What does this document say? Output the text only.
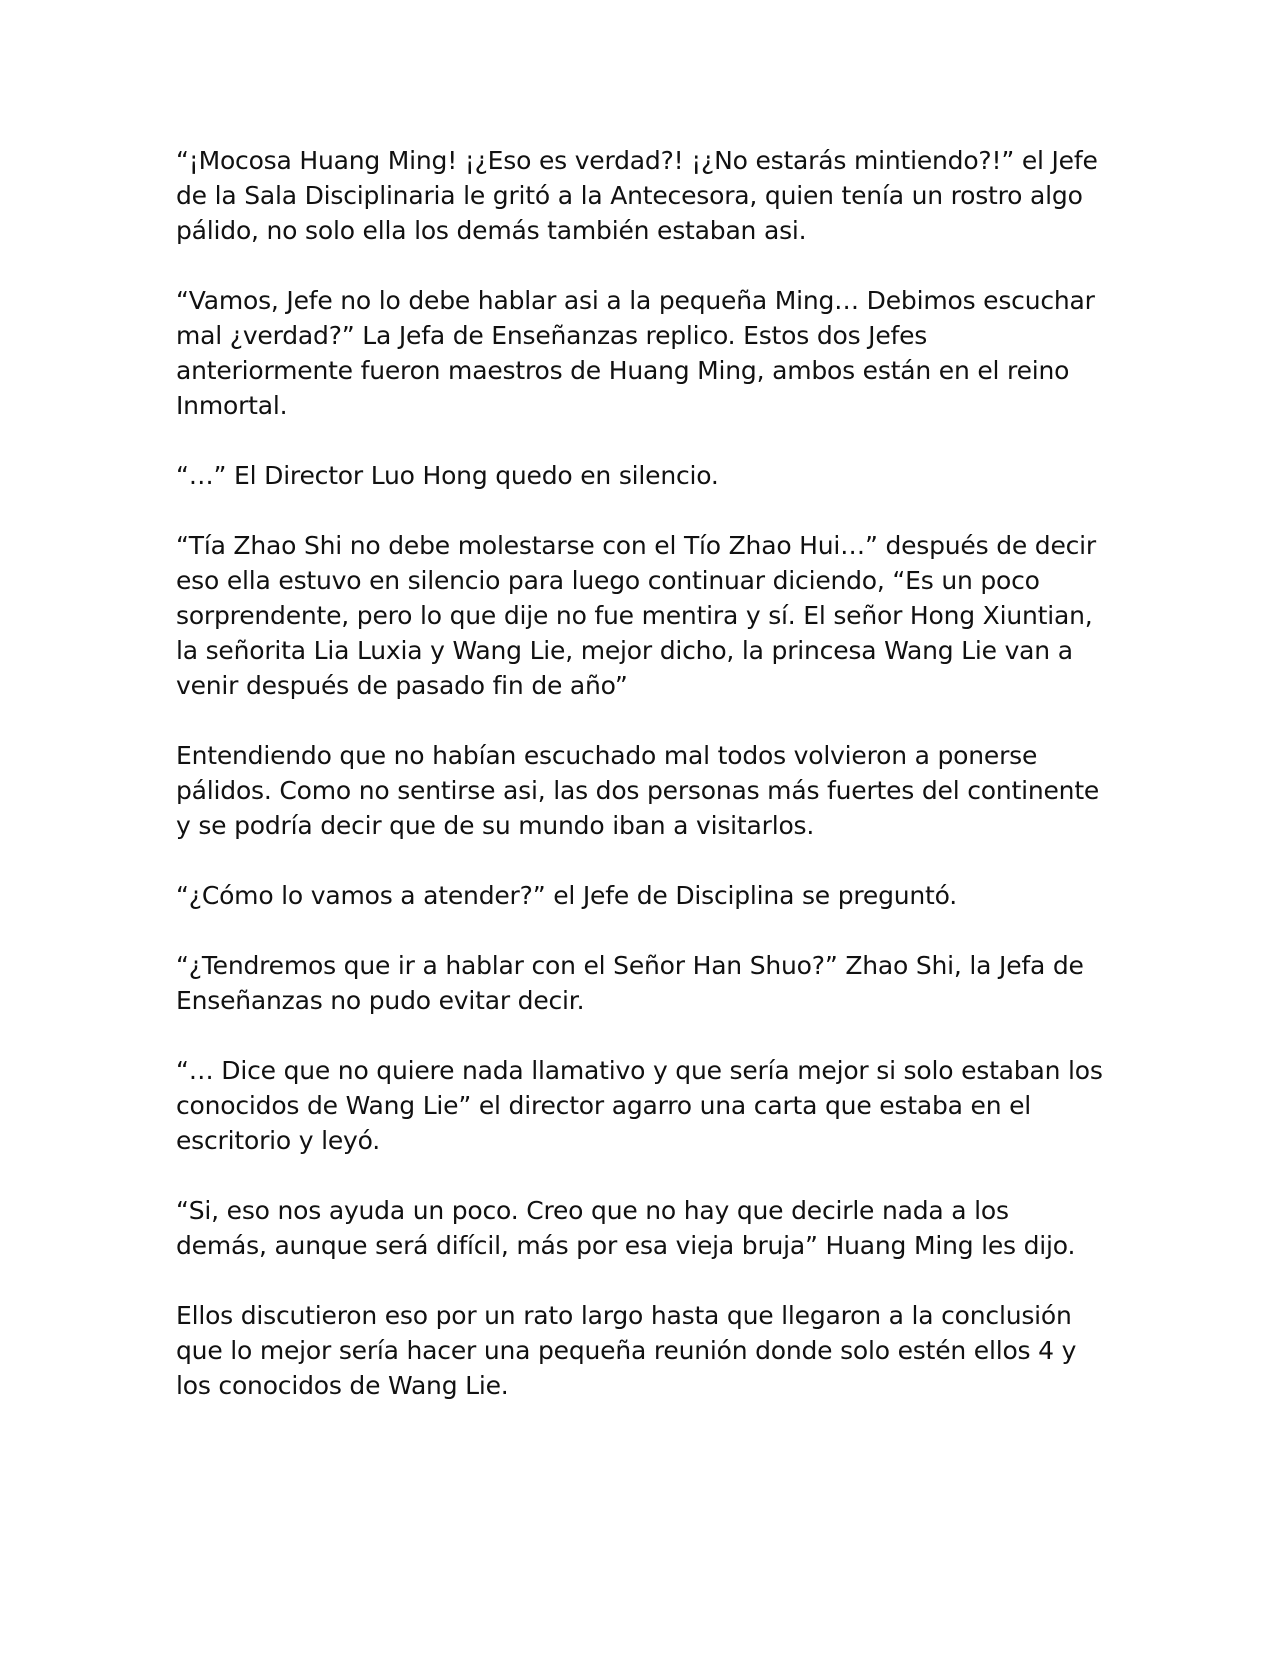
“¡Mocosa Huang Ming! ¡¿Eso es verdad?! ¡¿No estarás mintiendo?!” el Jefe de la Sala Disciplinaria le gritó a la Antecesora, quien tenía un rostro algo pálido, no solo ella los demás también estaban asi.

“Vamos, Jefe no lo debe hablar asi a la pequeña Ming… Debimos escuchar mal ¿verdad?” La Jefa de Enseñanzas replico. Estos dos Jefes anteriormente fueron maestros de Huang Ming, ambos están en el reino Inmortal.

“…” El Director Luo Hong quedo en silencio.

“Tía Zhao Shi no debe molestarse con el Tío Zhao Hui…” después de decir eso ella estuvo en silencio para luego continuar diciendo, “Es un poco sorprendente, pero lo que dije no fue mentira y sí. El señor Hong Xiuntian, la señorita Lia Luxia y Wang Lie, mejor dicho, la princesa Wang Lie van a venir después de pasado fin de año”

Entendiendo que no habían escuchado mal todos volvieron a ponerse pálidos. Como no sentirse asi, las dos personas más fuertes del continente y se podría decir que de su mundo iban a visitarlos.

“¿Cómo lo vamos a atender?” el Jefe de Disciplina se preguntó.

“¿Tendremos que ir a hablar con el Señor Han Shuo?” Zhao Shi, la Jefa de Enseñanzas no pudo evitar decir.

“… Dice que no quiere nada llamativo y que sería mejor si solo estaban los conocidos de Wang Lie” el director agarro una carta que estaba en el escritorio y leyó.

“Si, eso nos ayuda un poco. Creo que no hay que decirle nada a los demás, aunque será difícil, más por esa vieja bruja” Huang Ming les dijo.

Ellos discutieron eso por un rato largo hasta que llegaron a la conclusión que lo mejor sería hacer una pequeña reunión donde solo estén ellos 4 y los conocidos de Wang Lie.
